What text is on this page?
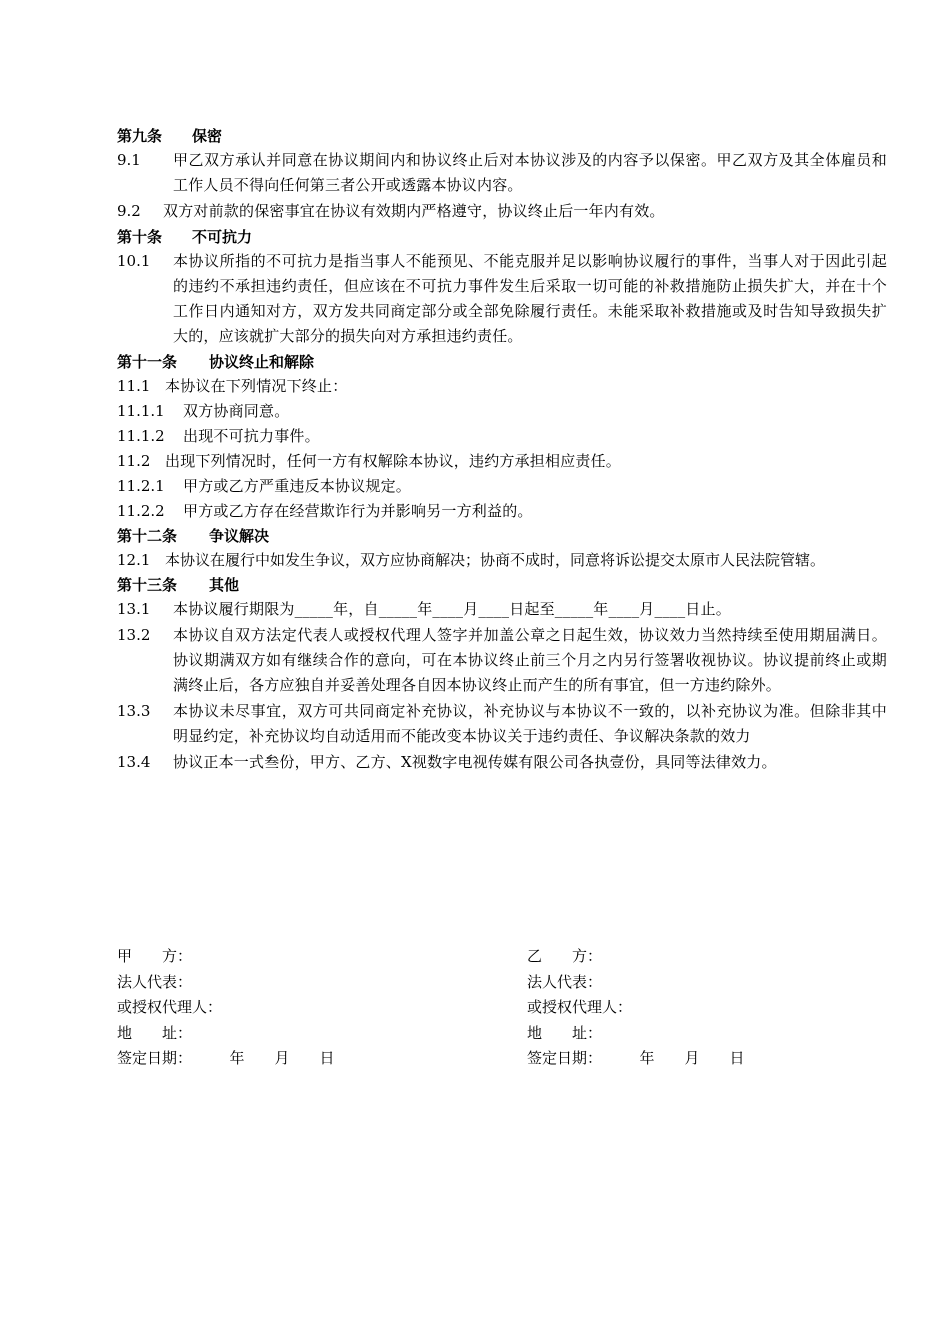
第九条 保密
9.1	甲乙双方承认并同意在协议期间内和协议终止后对本协议涉及的内容予以保密。甲乙双方及其全体雇员和工作人员不得向任何第三者公开或透露本协议内容。
9.2	双方对前款的保密事宜在协议有效期内严格遵守，协议终止后一年内有效。
第十条 不可抗力
10.1	本协议所指的不可抗力是指当事人不能预见、不能克服并足以影响协议履行的事件，当事人对于因此引起的违约不承担违约责任，但应该在不可抗力事件发生后采取一切可能的补救措施防止损失扩大，并在十个工作日内通知对方，双方发共同商定部分或全部免除履行责任。未能采取补救措施或及时告知导致损失扩大的，应该就扩大部分的损失向对方承担违约责任。
第十一条 协议终止和解除
11.1 本协议在下列情况下终止：
11.1.1	双方协商同意。
11.1.2	出现不可抗力事件。
11.2 出现下列情况时，任何一方有权解除本协议，违约方承担相应责任。
11.2.1	甲方或乙方严重违反本协议规定。
11.2.2	甲方或乙方存在经营欺诈行为并影响另一方利益的。
第十二条 争议解决
12.1 本协议在履行中如发生争议，双方应协商解决；协商不成时，同意将诉讼提交太原市人民法院管辖。
第十三条 其他
13.1	本协议履行期限为_____年，自_____年____月____日起至_____年____月____日止。
13.2	本协议自双方法定代表人或授权代理人签字并加盖公章之日起生效，协议效力当然持续至使用期届满日。协议期满双方如有继续合作的意向，可在本协议终止前三个月之内另行签署收视协议。协议提前终止或期满终止后，各方应独自并妥善处理各自因本协议终止而产生的所有事宜，但一方违约除外。
13.3	本协议未尽事宜，双方可共同商定补充协议，补充协议与本协议不一致的，以补充协议为准。但除非其中明显约定，补充协议均自动适用而不能改变本协议关于违约责任、争议解决条款的效力
13.4	协议正本一式叁份，甲方、乙方、X视数字电视传媒有限公司各执壹份，具同等法律效力。
甲　　方：
法人代表：
或授权代理人：
地　　址：
签定日期：　　　年　　月　　日
乙　　方：
法人代表：
或授权代理人：
地　　址：
签定日期：　　　年　　月　　日
